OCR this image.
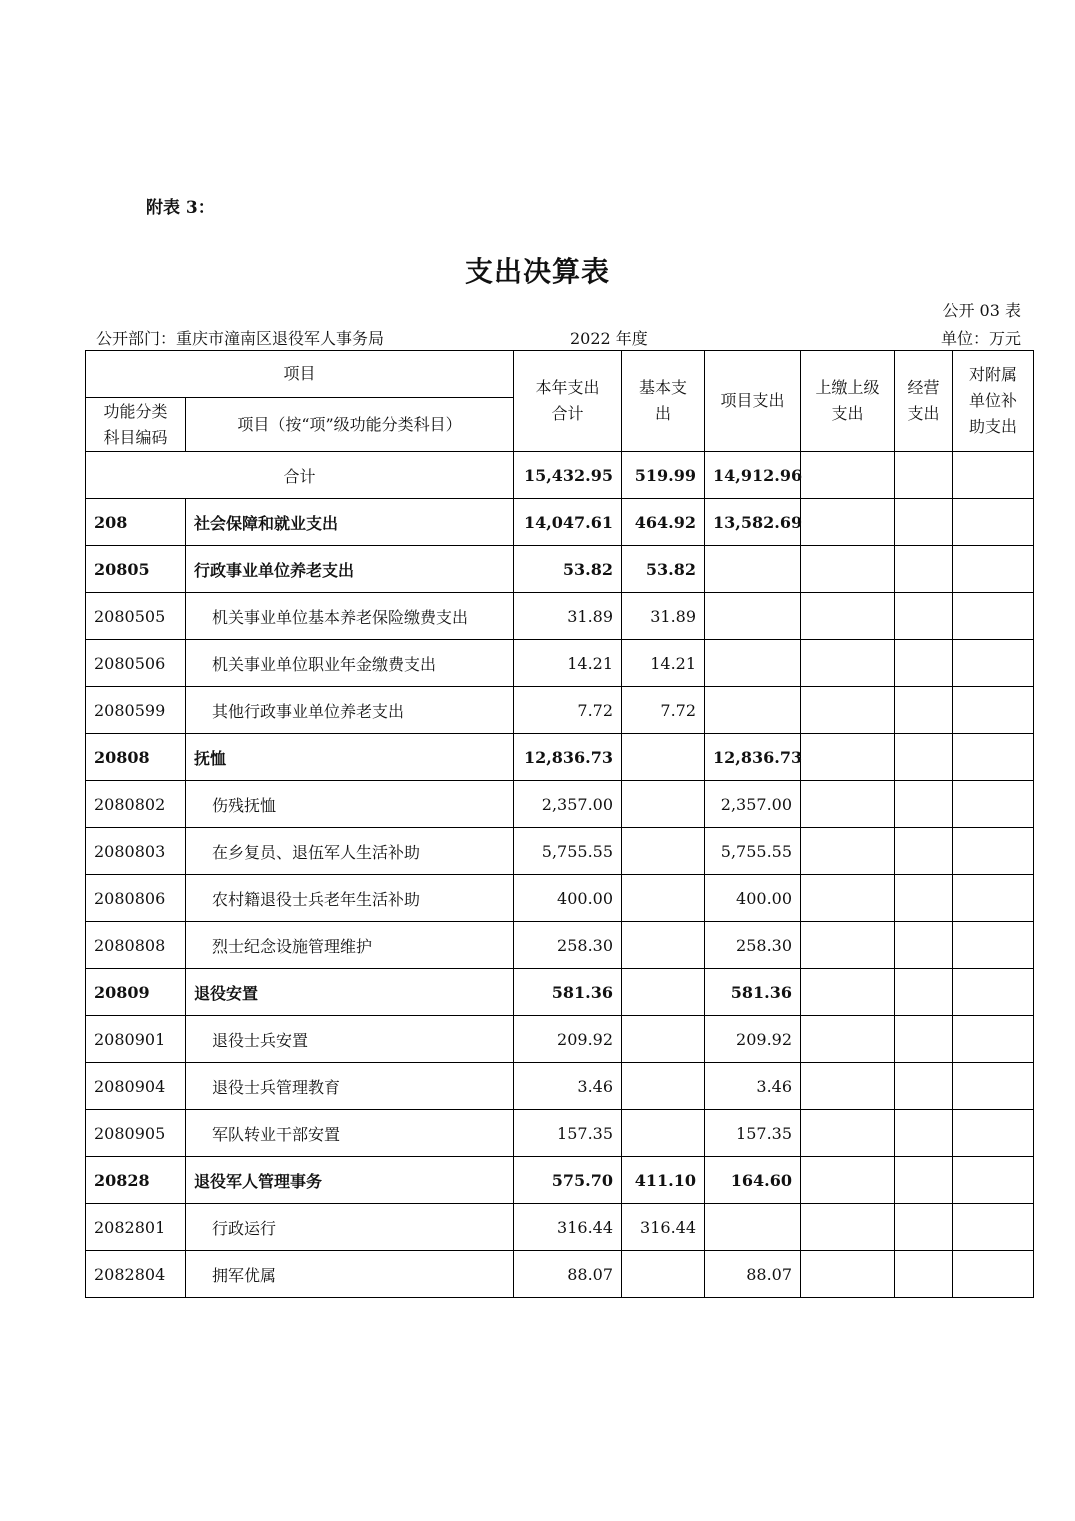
附表 3：
支出决算表
公开 03 表
公开部门：重庆市潼南区退役军人事务局	2022 年度	单位：万元
项目		本年支出合计	基本支出	项目支出	上缴上级支出	经营支出	对附属单位补助支出
功能分类科目编码	项目（按“项”级功能分类科目）						
合计		15,432.95	519.99	14,912.96			
208	社会保障和就业支出	14,047.61	464.92	13,582.69			
20805	行政事业单位养老支出	53.82	53.82				
2080505	机关事业单位基本养老保险缴费支出	31.89	31.89				
2080506	机关事业单位职业年金缴费支出	14.21	14.21				
2080599	其他行政事业单位养老支出	7.72	7.72				
20808	抚恤	12,836.73		12,836.73			
2080802	伤残抚恤	2,357.00		2,357.00			
2080803	在乡复员、退伍军人生活补助	5,755.55		5,755.55			
2080806	农村籍退役士兵老年生活补助	400.00		400.00			
2080808	烈士纪念设施管理维护	258.30		258.30			
20809	退役安置	581.36		581.36			
2080901	退役士兵安置	209.92		209.92			
2080904	退役士兵管理教育	3.46		3.46			
2080905	军队转业干部安置	157.35		157.35			
20828	退役军人管理事务	575.70	411.10	164.60			
2082801	行政运行	316.44	316.44				
2082804	拥军优属	88.07		88.07			
